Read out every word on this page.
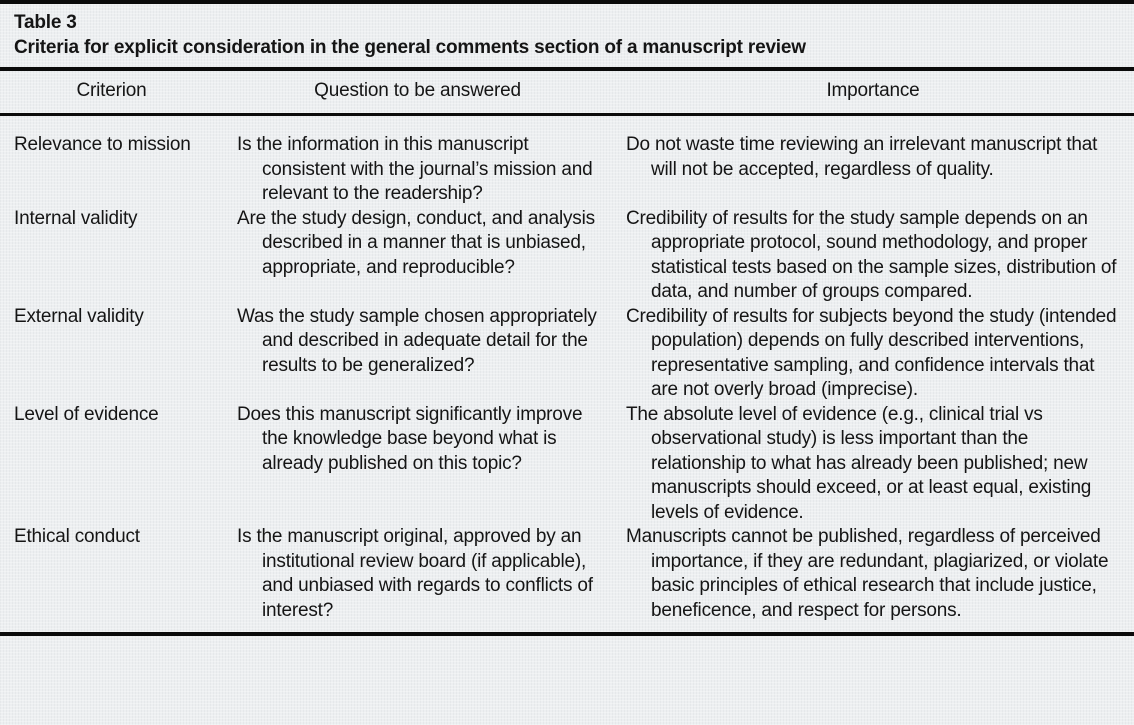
Table 3
Criteria for explicit consideration in the general comments section of a manuscript review
Criterion	Question to be answered	Importance
Relevance to mission	Is the information in this manuscript consistent with the journal’s mission and relevant to the readership?	Do not waste time reviewing an irrelevant manuscript that will not be accepted, regardless of quality.
Internal validity	Are the study design, conduct, and analysis described in a manner that is unbiased, appropriate, and reproducible?	Credibility of results for the study sample depends on an appropriate protocol, sound methodology, and proper statistical tests based on the sample sizes, distribution of data, and number of groups compared.
External validity	Was the study sample chosen appropriately and described in adequate detail for the results to be generalized?	Credibility of results for subjects beyond the study (intended population) depends on fully described interventions, representative sampling, and confidence intervals that are not overly broad (imprecise).
Level of evidence	Does this manuscript significantly improve the knowledge base beyond what is already published on this topic?	The absolute level of evidence (e.g., clinical trial vs observational study) is less important than the relationship to what has already been published; new manuscripts should exceed, or at least equal, existing levels of evidence.
Ethical conduct	Is the manuscript original, approved by an institutional review board (if applicable), and unbiased with regards to conflicts of interest?	Manuscripts cannot be published, regardless of perceived importance, if they are redundant, plagiarized, or violate basic principles of ethical research that include justice, beneficence, and respect for persons.
